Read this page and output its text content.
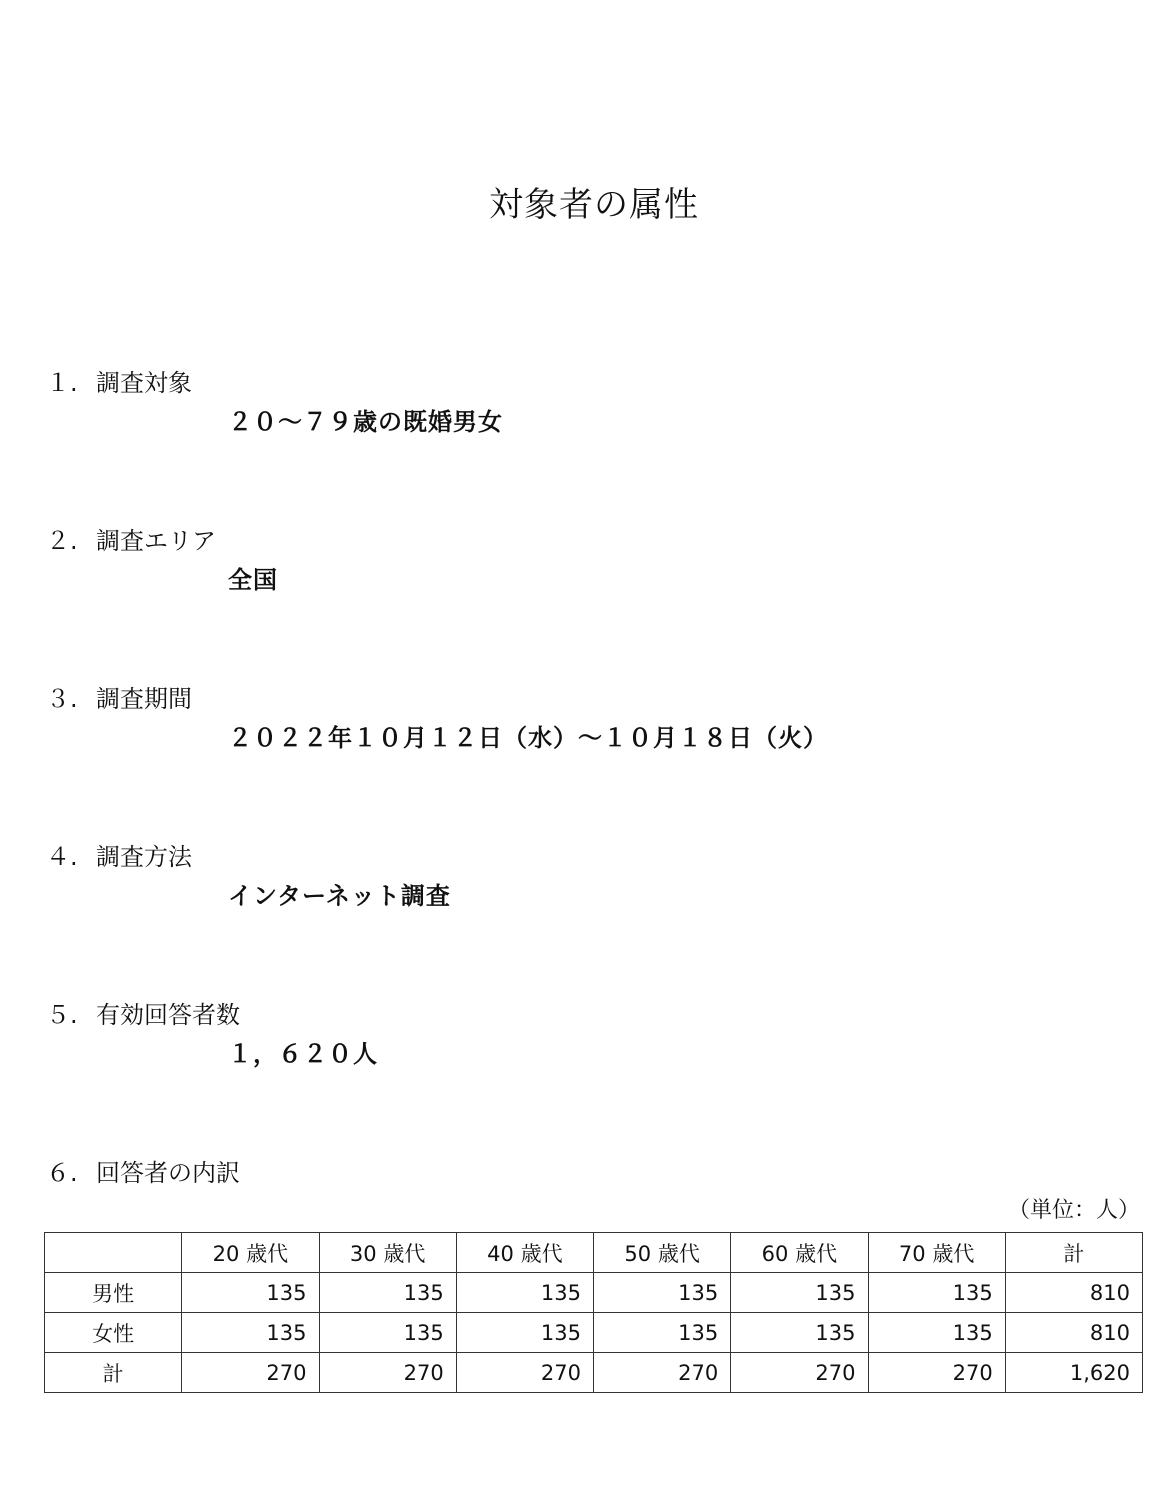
対象者の属性
１. 調査対象
２０～７９歳の既婚男女
２. 調査エリア
全国
３. 調査期間
２０２２年１０月１２日（水）～１０月１８日（火）
４. 調査方法
インターネット調査
５. 有効回答者数
１，６２０人
６. 回答者の内訳
（単位：人）
	20 歳代	30 歳代	40 歳代	50 歳代	60 歳代	70 歳代	計
男性	135	135	135	135	135	135	810
女性	135	135	135	135	135	135	810
計	270	270	270	270	270	270	1,620
